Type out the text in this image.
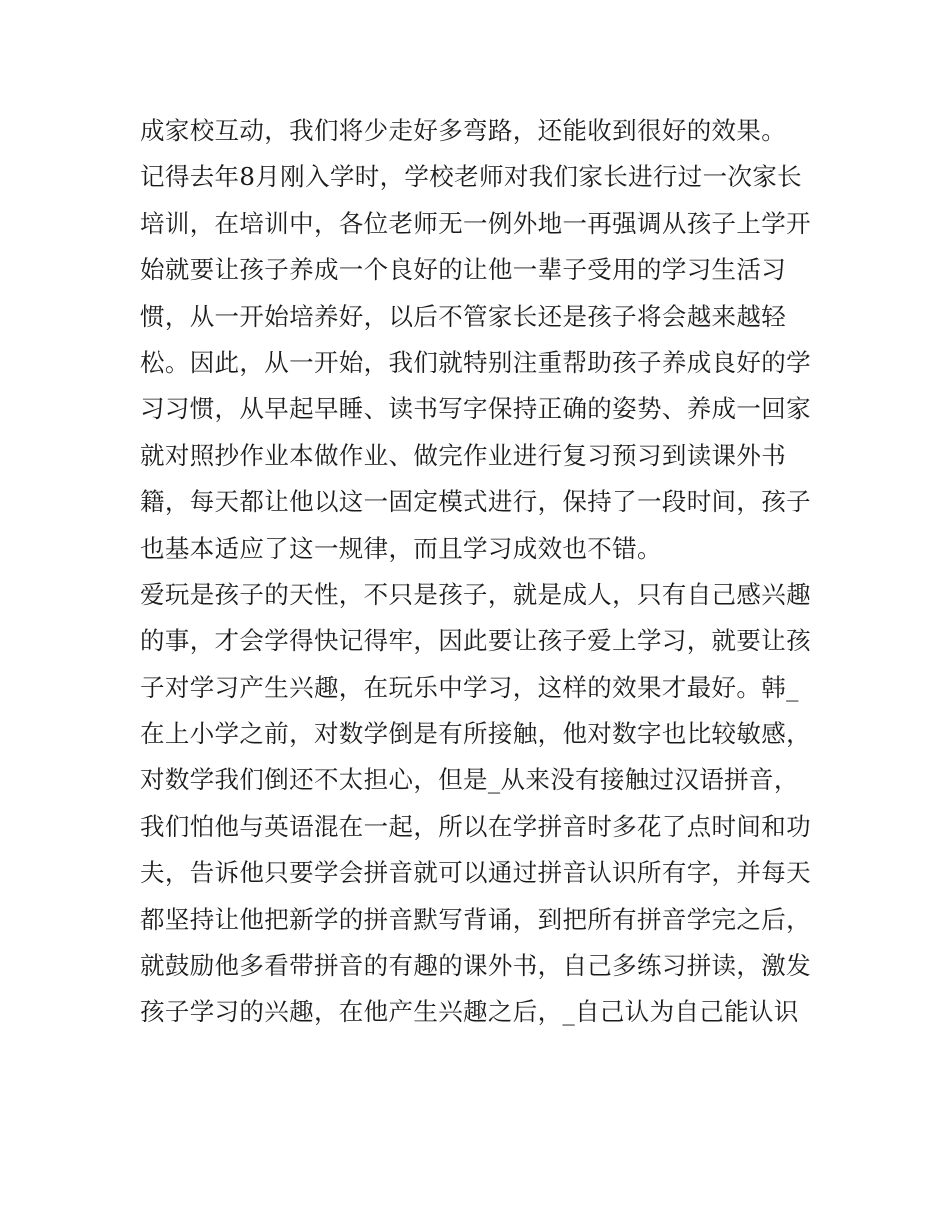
成家校互动，我们将少走好多弯路，还能收到很好的效果。
记得去年8月刚入学时，学校老师对我们家长进行过一次家长
培训，在培训中，各位老师无一例外地一再强调从孩子上学开
始就要让孩子养成一个良好的让他一辈子受用的学习生活习
惯，从一开始培养好，以后不管家长还是孩子将会越来越轻
松。因此，从一开始，我们就特别注重帮助孩子养成良好的学
习习惯，从早起早睡、读书写字保持正确的姿势、养成一回家
就对照抄作业本做作业、做完作业进行复习预习到读课外书
籍，每天都让他以这一固定模式进行，保持了一段时间，孩子
也基本适应了这一规律，而且学习成效也不错。
爱玩是孩子的天性，不只是孩子，就是成人，只有自己感兴趣
的事，才会学得快记得牢，因此要让孩子爱上学习，就要让孩
子对学习产生兴趣，在玩乐中学习，这样的效果才最好。韩_
在上小学之前，对数学倒是有所接触，他对数字也比较敏感，
对数学我们倒还不太担心，但是_从来没有接触过汉语拼音，
我们怕他与英语混在一起，所以在学拼音时多花了点时间和功
夫，告诉他只要学会拼音就可以通过拼音认识所有字，并每天
都坚持让他把新学的拼音默写背诵，到把所有拼音学完之后，
就鼓励他多看带拼音的有趣的课外书，自己多练习拼读，激发
孩子学习的兴趣，在他产生兴趣之后，_自己认为自己能认识
